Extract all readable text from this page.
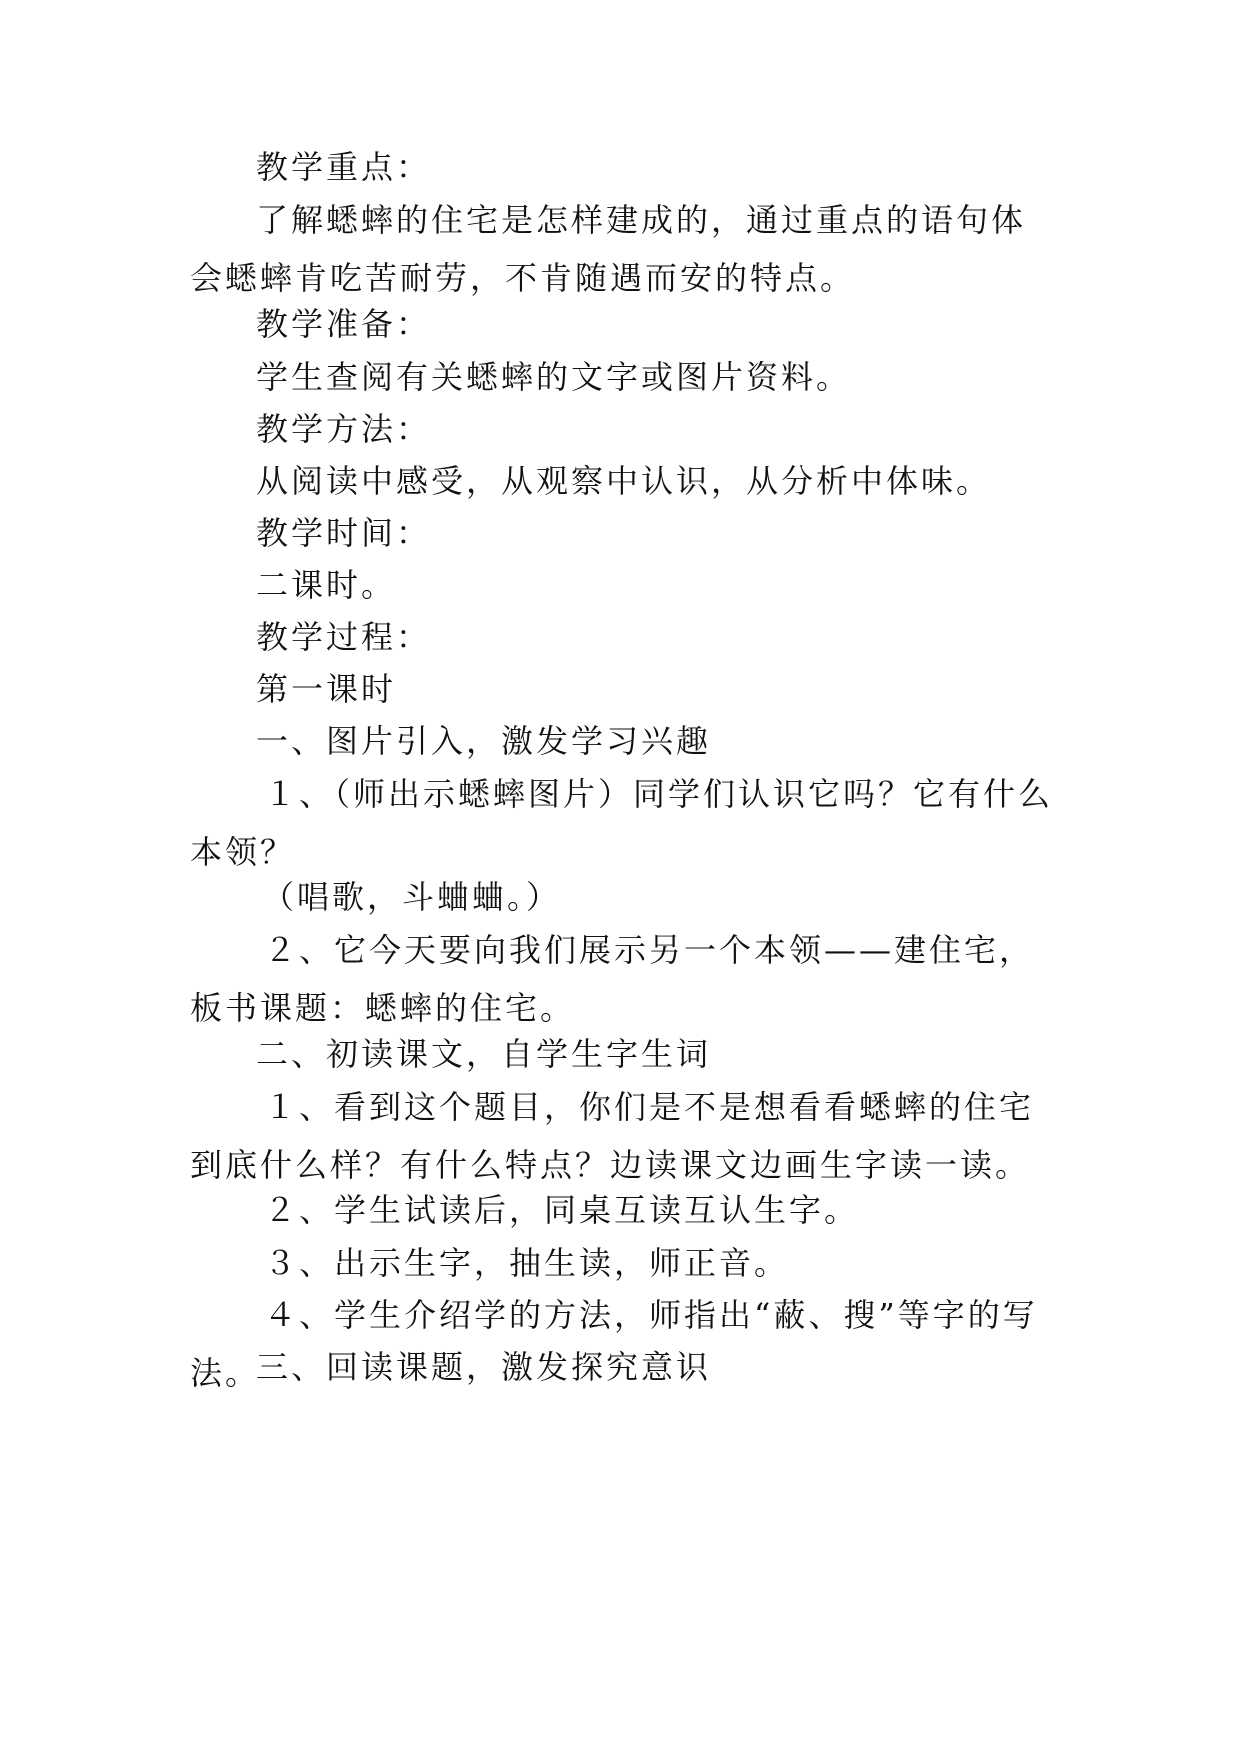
教学重点：

了解蟋蟀的住宅是怎样建成的，通过重点的语句体会蟋蟀肯吃苦耐劳，不肯随遇而安的特点。

教学准备：

学生查阅有关蟋蟀的文字或图片资料。

教学方法：

从阅读中感受，从观察中认识，从分析中体味。

教学时间：

二课时。

教学过程：

第一课时

一、图片引入，激发学习兴趣

１、（师出示蟋蟀图片）同学们认识它吗？它有什么本领？

（唱歌，斗蛐蛐。）

２、它今天要向我们展示另一个本领——建住宅，板书课题：蟋蟀的住宅。

二、初读课文，自学生字生词

１、看到这个题目，你们是不是想看看蟋蟀的住宅到底什么样？有什么特点？边读课文边画生字读一读。

２、学生试读后，同桌互读互认生字。

３、出示生字，抽生读，师正音。

４、学生介绍学的方法，师指出“蔽、搜”等字的写法。

三、回读课题，激发探究意识
